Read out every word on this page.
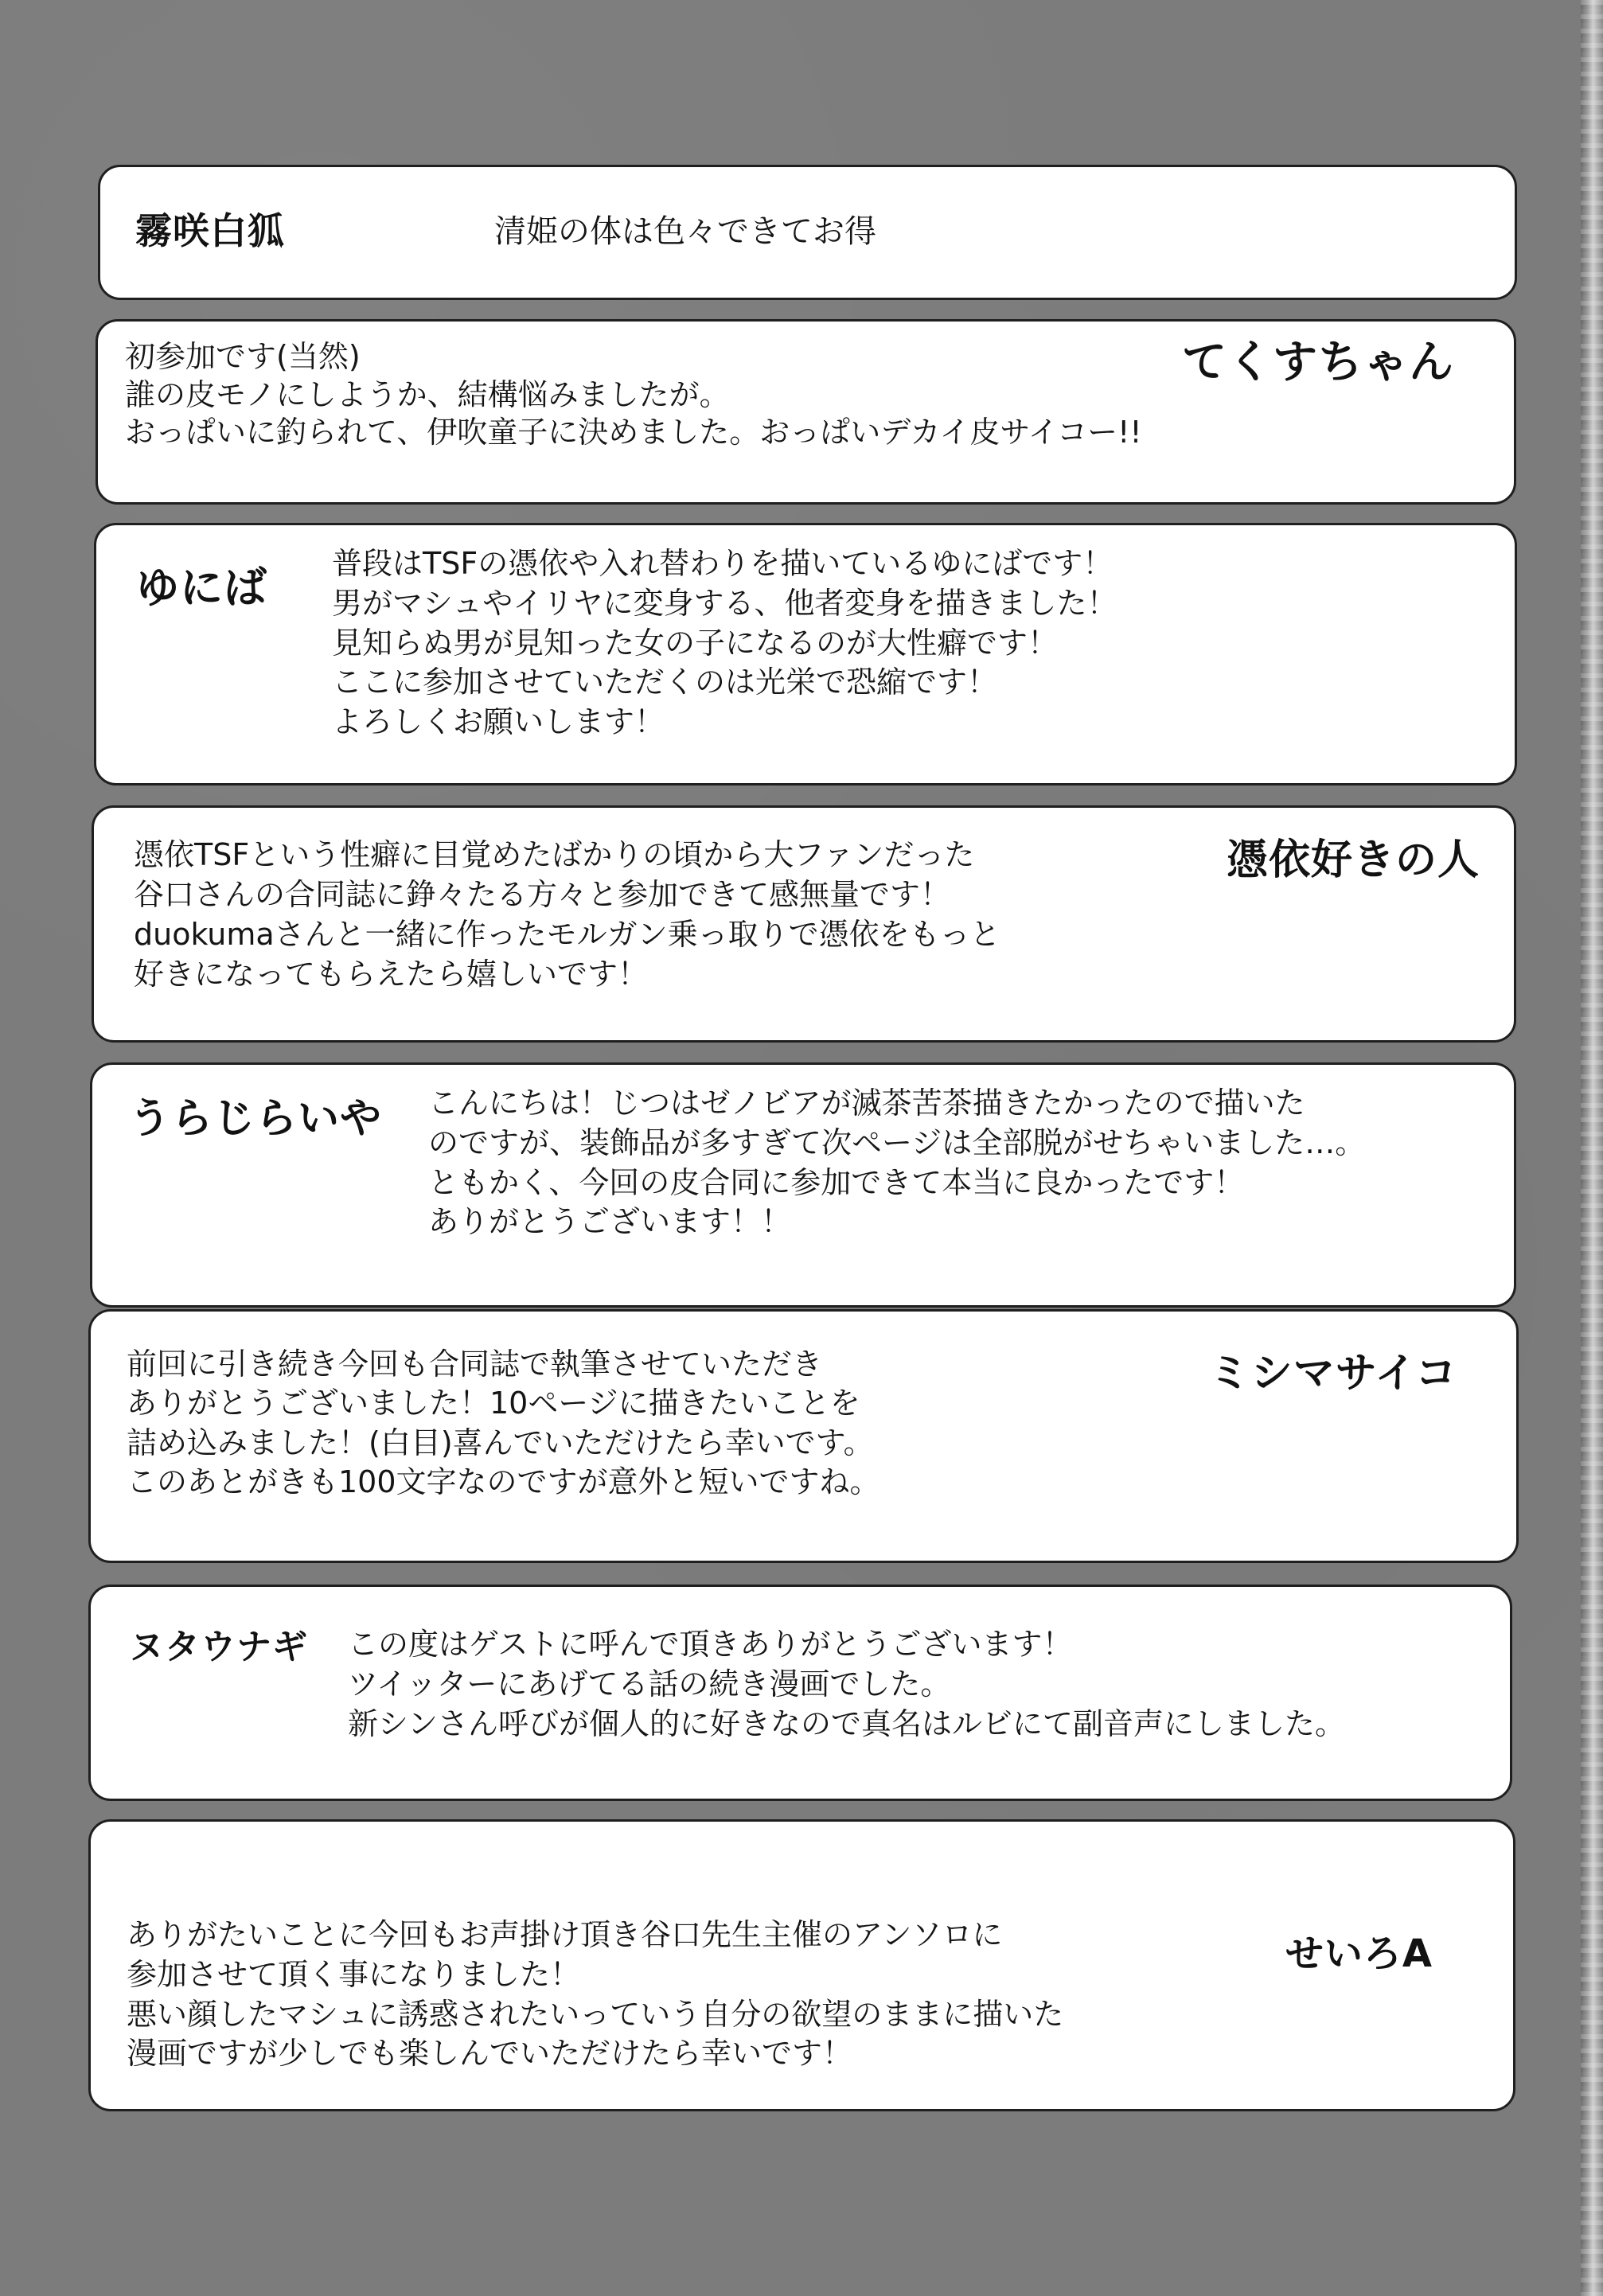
霧咲白狐	清姫の体は色々できてお得
てくすちゃん
初参加です(当然)
誰の皮モノにしようか、結構悩みましたが。
おっぱいに釣られて、伊吹童子に決めました。おっぱいデカイ皮サイコー!!
ゆにば 普段はTSFの憑依や入れ替わりを描いているゆにばです！
男がマシュやイリヤに変身する、他者変身を描きました！
見知らぬ男が見知った女の子になるのが大性癖です！
ここに参加させていただくのは光栄で恐縮です！
よろしくお願いします！
憑依好きの人
憑依TSFという性癖に目覚めたばかりの頃から大ファンだった
谷口さんの合同誌に錚々たる方々と参加できて感無量です！
duokumaさんと一緒に作ったモルガン乗っ取りで憑依をもっと
好きになってもらえたら嬉しいです！
うらじらいや こんにちは！じつはゼノビアが滅茶苦茶描きたかったので描いた
のですが、装飾品が多すぎて次ページは全部脱がせちゃいました…。
ともかく、今回の皮合同に参加できて本当に良かったです！
ありがとうございます！！
ミシマサイコ
前回に引き続き今回も合同誌で執筆させていただき
ありがとうございました！10ページに描きたいことを
詰め込みました！(白目)喜んでいただけたら幸いです。
このあとがきも100文字なのですが意外と短いですね。
ヌタウナギ この度はゲストに呼んで頂きありがとうございます！
ツイッターにあげてる話の続き漫画でした。
新シンさん呼びが個人的に好きなので真名はルビにて副音声にしました。
せいろA
ありがたいことに今回もお声掛け頂き谷口先生主催のアンソロに
参加させて頂く事になりました！
悪い顔したマシュに誘惑されたいっていう自分の欲望のままに描いた
漫画ですが少しでも楽しんでいただけたら幸いです！
